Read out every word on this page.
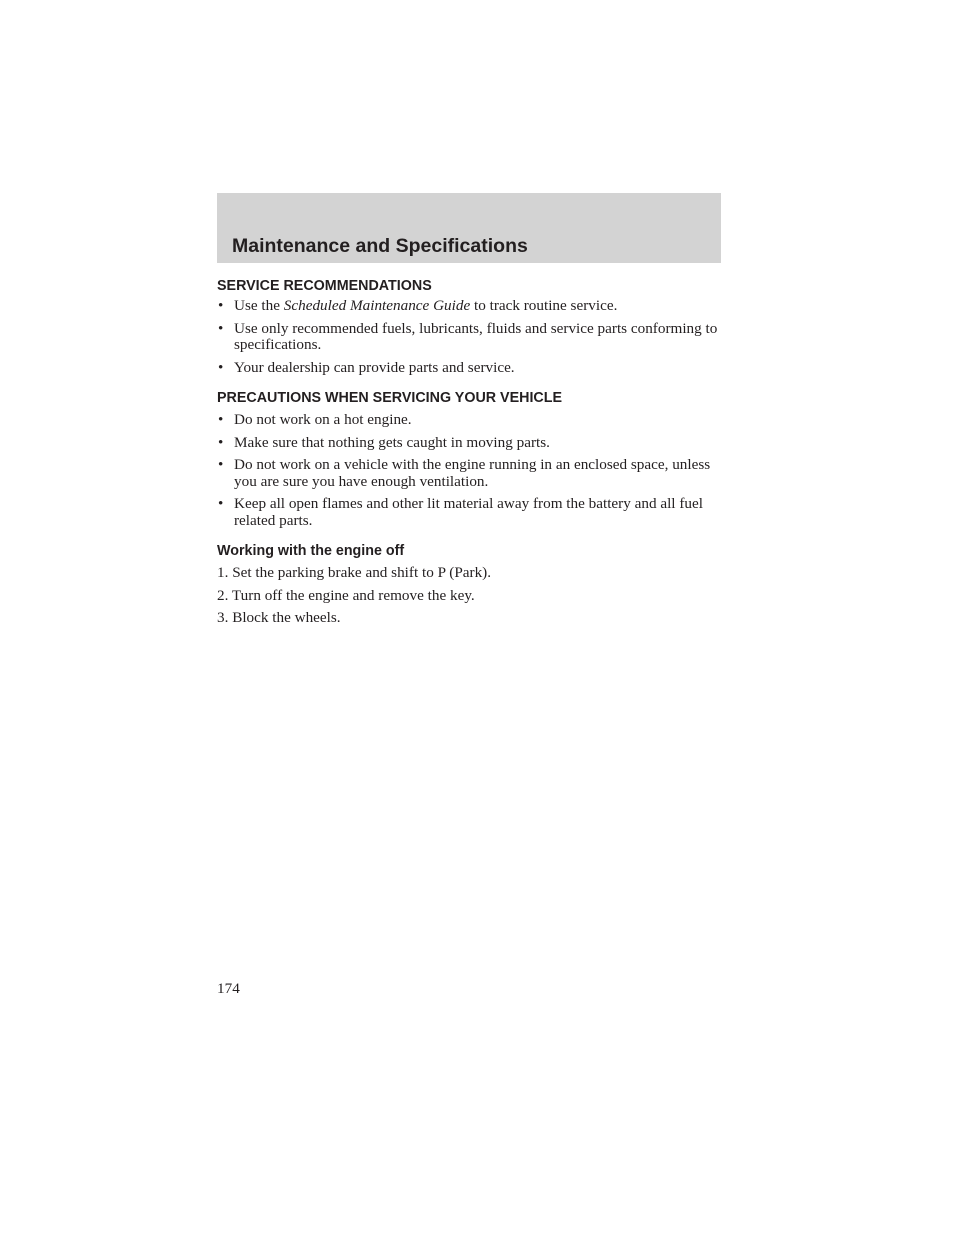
Maintenance and Specifications
SERVICE RECOMMENDATIONS
• Use the Scheduled Maintenance Guide to track routine service.
• Use only recommended fuels, lubricants, fluids and service parts conforming to specifications.
• Your dealership can provide parts and service.
PRECAUTIONS WHEN SERVICING YOUR VEHICLE
• Do not work on a hot engine.
• Make sure that nothing gets caught in moving parts.
• Do not work on a vehicle with the engine running in an enclosed space, unless you are sure you have enough ventilation.
• Keep all open flames and other lit material away from the battery and all fuel related parts.
Working with the engine off
1. Set the parking brake and shift to P (Park).
2. Turn off the engine and remove the key.
3. Block the wheels.
174
